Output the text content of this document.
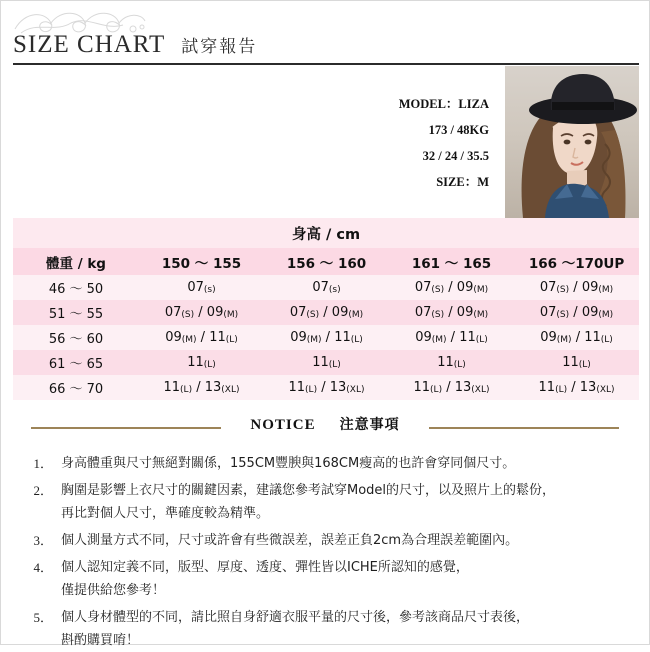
SIZE CHART 試穿報告
MODEL：LIZA
173 / 48KG
32 / 24 / 35.5
SIZE：M
身高 / cm				
體重 / kg	150 ～ 155	156 ～ 160	161 ～ 165	166 ～170UP
46 ～ 50	07(s)	07(s)	07(S) / 09(M)	07(S) / 09(M)
51 ～ 55	07(S) / 09(M)	07(S) / 09(M)	07(S) / 09(M)	07(S) / 09(M)
56 ～ 60	09(M) / 11(L)	09(M) / 11(L)	09(M) / 11(L)	09(M) / 11(L)
61 ～ 65	11(L)	11(L)	11(L)	11(L)
66 ～ 70	11(L) / 13(XL)	11(L) / 13(XL)	11(L) / 13(XL)	11(L) / 13(XL)
NOTICE 注意事項
1． 身高體重與尺寸無絕對關係，155CM豐腴與168CM瘦高的也許會穿同個尺寸。
2． 胸圍是影響上衣尺寸的關鍵因素，建議您參考試穿Model的尺寸，以及照片上的鬆份，
再比對個人尺寸，準確度較為精準。
3． 個人測量方式不同，尺寸或許會有些微誤差，誤差正負2cm為合理誤差範圍內。
4． 個人認知定義不同，版型、厚度、透度、彈性皆以ICHE所認知的感覺，
僅提供給您參考！
5． 個人身材體型的不同，請比照自身舒適衣服平量的尺寸後，參考該商品尺寸表後，
斟酌購買唷！
